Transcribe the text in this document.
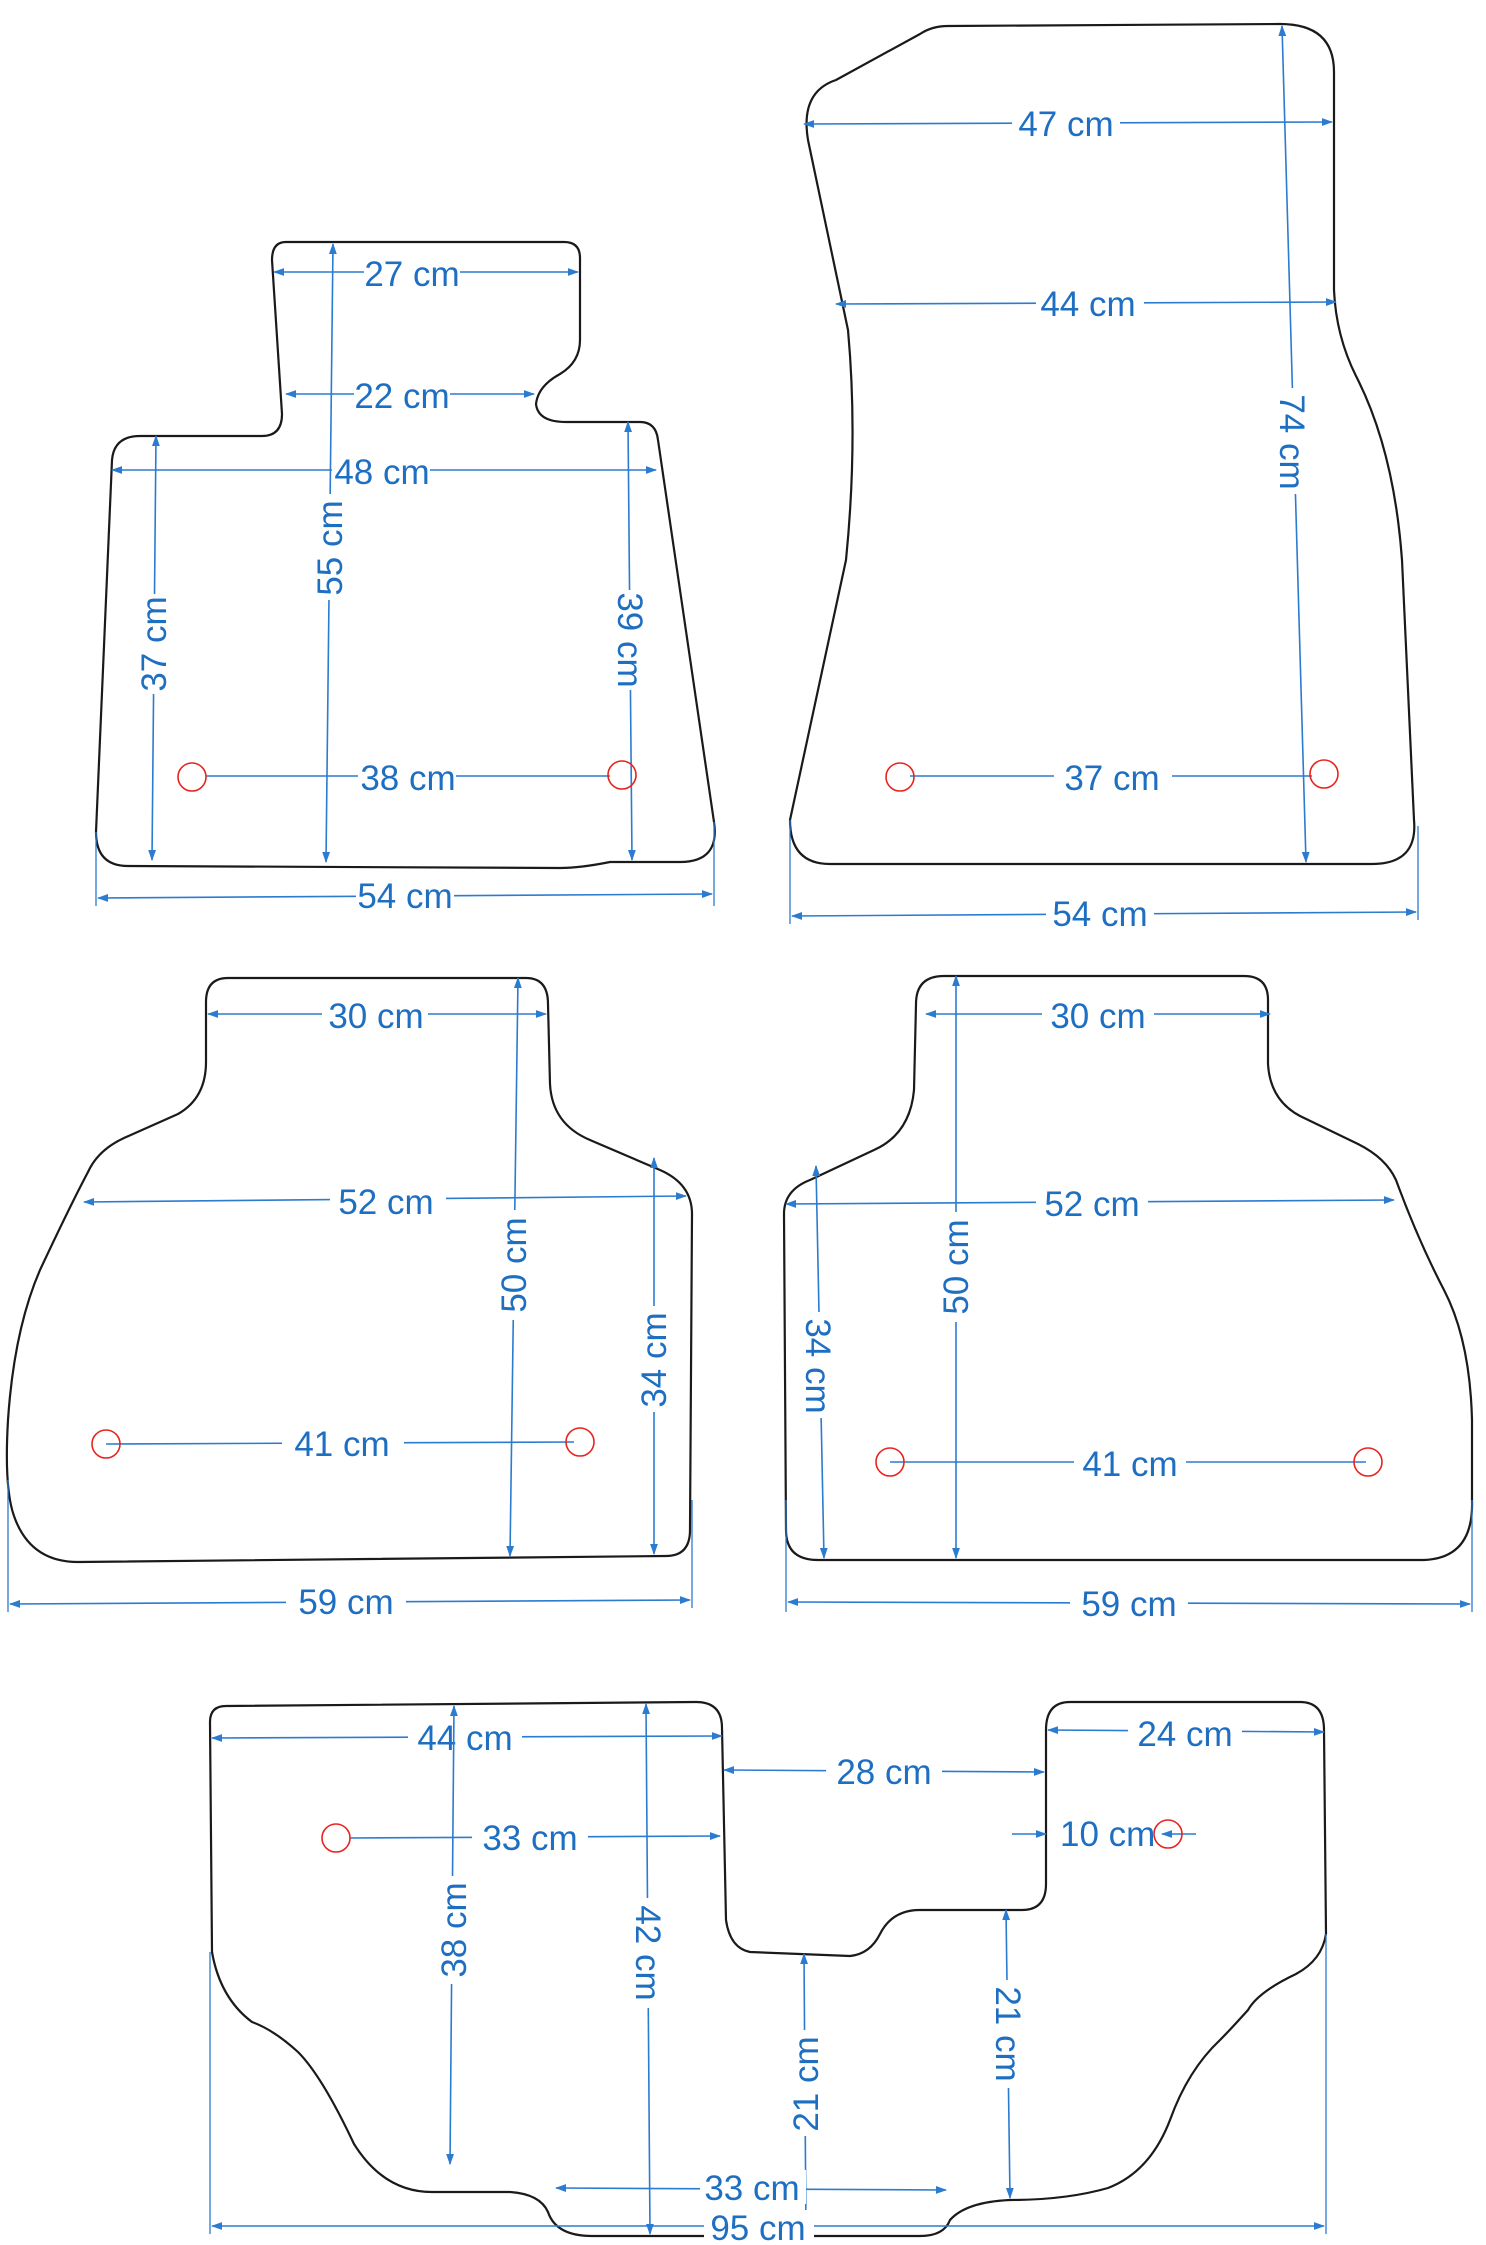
27 cm
22 cm
48 cm
55 cm
37 cm	39 cm
38 cm
54 cm
47 cm
44 cm
74 cm
37 cm
54 cm
30 cm
52 cm
50 cm
34 cm
41 cm
59 cm
30 cm
52 cm
34 cm
50 cm
41 cm
59 cm
44 cm	24 cm
28 cm
33 cm	10 cm
38 cm	42 cm
21 cm
21 cm
33 cm
95 cm
